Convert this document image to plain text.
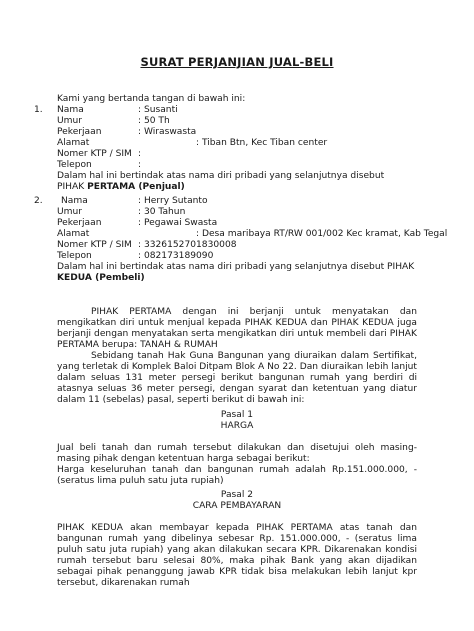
SURAT PERJANJIAN JUAL-BELI
Kami yang bertanda tangan di bawah ini:
1.	Nama	: Susanti
Umur	: 50 Th
Pekerjaan	: Wiraswasta
Alamat	: Tiban Btn, Kec Tiban center
Nomer KTP / SIM :
Telepon	:
Dalam hal ini bertindak atas nama diri pribadi yang selanjutnya disebut
PIHAK PERTAMA (Penjual)
2.	Nama	: Herry Sutanto
Umur	: 30 Tahun
Pekerjaan	: Pegawai Swasta
Alamat	: Desa maribaya RT/RW 001/002 Kec kramat, Kab Tegal
Nomer KTP / SIM : 3326152701830008
Telepon	: 082173189090
Dalam hal ini bertindak atas nama diri pribadi yang selanjutnya disebut PIHAK
KEDUA (Pembeli)

PIHAK PERTAMA dengan ini berjanji untuk menyatakan dan mengikatkan diri untuk menjual kepada PIHAK KEDUA dan PIHAK KEDUA juga berjanji dengan menyatakan serta mengikatkan diri untuk membeli dari PIHAK PERTAMA berupa: TANAH & RUMAH

Sebidang tanah Hak Guna Bangunan yang diuraikan dalam Sertifikat, yang terletak di Komplek Baloi Ditpam Blok A No 22. Dan diuraikan lebih lanjut dalam seluas 131 meter persegi berikut bangunan rumah yang berdiri di atasnya seluas 36 meter persegi, dengan syarat dan ketentuan yang diatur dalam 11 (sebelas) pasal, seperti berikut di bawah ini:

Pasal 1
HARGA

Jual beli tanah dan rumah tersebut dilakukan dan disetujui oleh masing-masing pihak dengan ketentuan harga sebagai berikut:

Harga keseluruhan tanah dan bangunan rumah adalah Rp.151.000.000, - (seratus lima puluh satu juta rupiah)

Pasal 2
CARA PEMBAYARAN

PIHAK KEDUA akan membayar kepada PIHAK PERTAMA atas tanah dan bangunan rumah yang dibelinya sebesar Rp. 151.000.000, - (seratus lima puluh satu juta rupiah) yang akan dilakukan secara KPR. Dikarenakan kondisi rumah tersebut baru selesai 80%, maka pihak Bank yang akan dijadikan sebagai pihak penanggung jawab KPR tidak bisa melakukan lebih lanjut kpr tersebut, dikarenakan rumah
